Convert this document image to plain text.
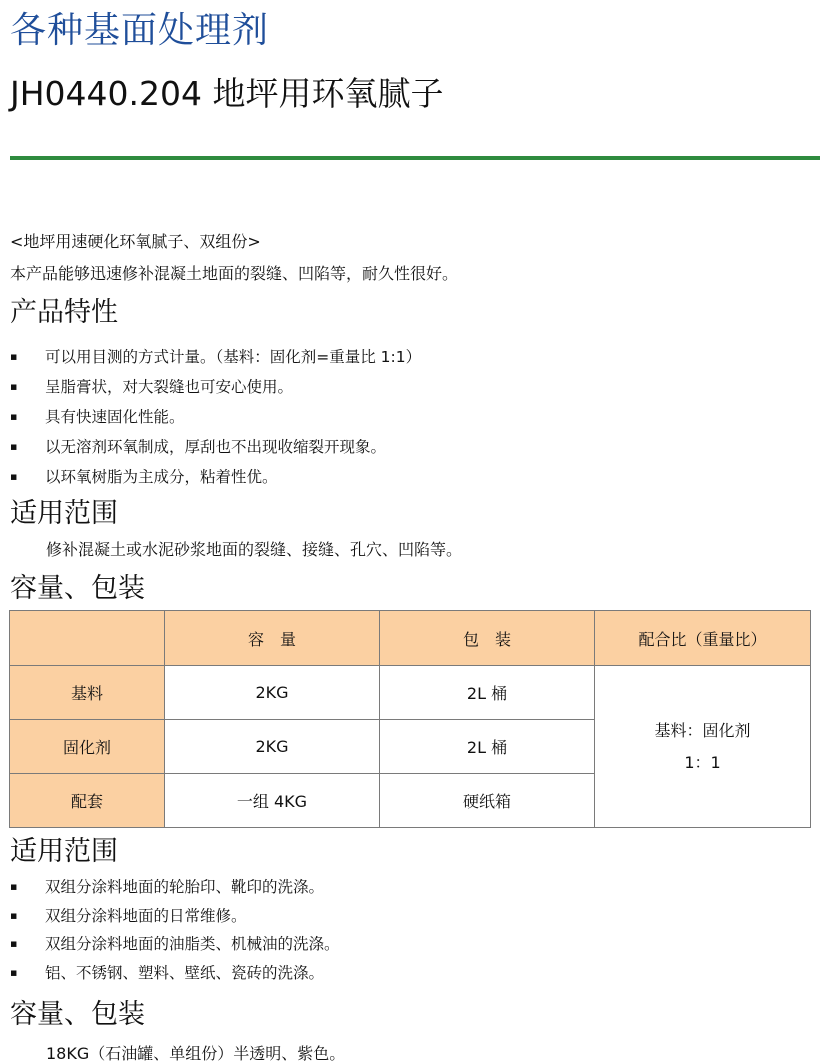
各种基面处理剂
JH0440.204 地坪用环氧腻子
<地坪用速硬化环氧腻子、双组份>
本产品能够迅速修补混凝土地面的裂缝、凹陷等，耐久性很好。
产品特性
▪ 可以用目测的方式计量。（基料：固化剂=重量比 1:1）
▪ 呈脂膏状，对大裂缝也可安心使用。
▪ 具有快速固化性能。
▪ 以无溶剂环氧制成，厚刮也不出现收缩裂开现象。
▪ 以环氧树脂为主成分，粘着性优。
适用范围
修补混凝土或水泥砂浆地面的裂缝、接缝、孔穴、凹陷等。
容量、包装
	容　量	包　装	配合比（重量比）
基料	2KG	2L 桶	基料：固化剂
1：1

固化剂	2KG	2L 桶	
配套	一组 4KG	硬纸箱	
适用范围
▪ 双组分涂料地面的轮胎印、靴印的洗涤。
▪ 双组分涂料地面的日常维修。
▪ 双组分涂料地面的油脂类、机械油的洗涤。
▪ 铝、不锈钢、塑料、壁纸、瓷砖的洗涤。
容量、包装
18KG（石油罐、单组份）半透明、紫色。
